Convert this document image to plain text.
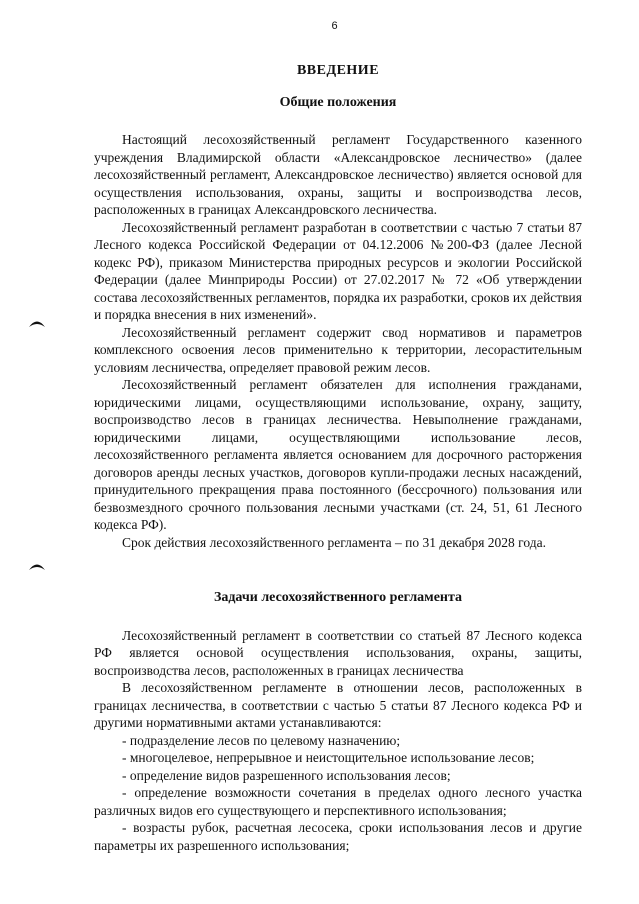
6
ВВЕДЕНИЕ
Общие положения

Настоящий лесохозяйственный регламент Государственного казенного учреждения Владимирской области «Александровское лесничество» (далее лесохозяйственный регламент, Александровское лесничество) является основой для осуществления использования, охраны, защиты и воспроизводства лесов, расположенных в границах Александровского лесничества.

Лесохозяйственный регламент разработан в соответствии с частью 7 статьи 87 Лесного кодекса Российской Федерации от 04.12.2006 №200-ФЗ (далее Лесной кодекс РФ), приказом Министерства природных ресурсов и экологии Российской Федерации (далее Минприроды России) от 27.02.2017 № 72 «Об утверждении состава лесохозяйственных регламентов, порядка их разработки, сроков их действия и порядка внесения в них изменений».

Лесохозяйственный регламент содержит свод нормативов и параметров комплексного освоения лесов применительно к территории, лесорастительным условиям лесничества, определяет правовой режим лесов.

Лесохозяйственный регламент обязателен для исполнения гражданами, юридическими лицами, осуществляющими использование, охрану, защиту, воспроизводство лесов в границах лесничества. Невыполнение гражданами, юридическими лицами, осуществляющими использование лесов, лесохозяйственного регламента является основанием для досрочного расторжения договоров аренды лесных участков, договоров купли-продажи лесных насаждений, принудительного прекращения права постоянного (бессрочного) пользования или безвозмездного срочного пользования лесными участками (ст. 24, 51, 61 Лесного кодекса РФ).

Срок действия лесохозяйственного регламента – по 31 декабря 2028 года.

Задачи лесохозяйственного регламента

Лесохозяйственный регламент в соответствии со статьей 87 Лесного кодекса РФ является основой осуществления использования, охраны, защиты, воспроизводства лесов, расположенных в границах лесничества

В лесохозяйственном регламенте в отношении лесов, расположенных в границах лесничества, в соответствии с частью 5 статьи 87 Лесного кодекса РФ и другими нормативными актами устанавливаются:

- подразделение лесов по целевому назначению;

- многоцелевое, непрерывное и неистощительное использование лесов;

- определение видов разрешенного использования лесов;

- определение возможности сочетания в пределах одного лесного участка различных видов его существующего и перспективного использования;

- возрасты рубок, расчетная лесосека, сроки использования лесов и другие параметры их разрешенного использования;
